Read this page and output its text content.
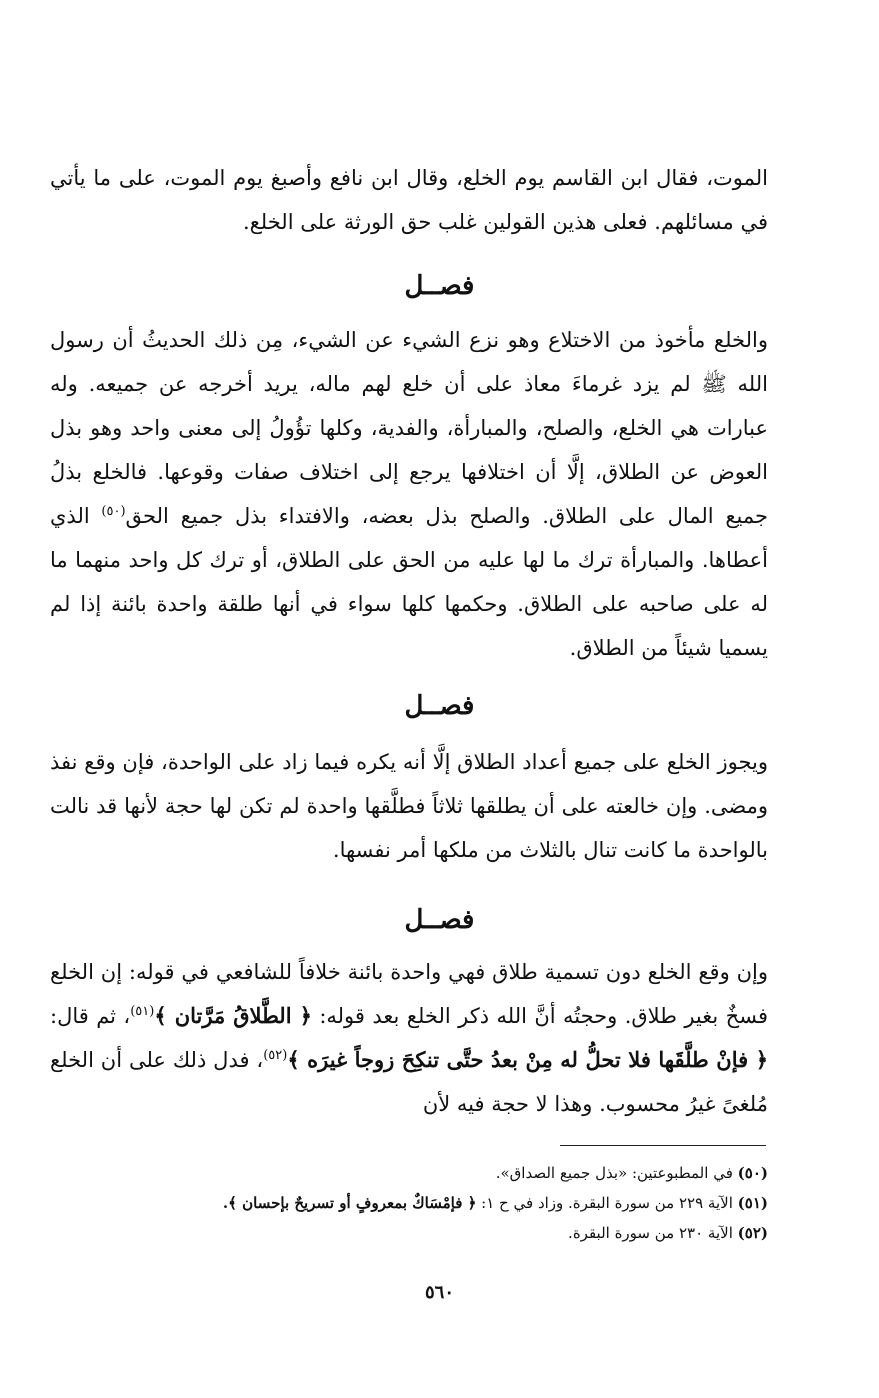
الموت، فقال ابن القاسم يوم الخلع، وقال ابن نافع وأصبغ يوم الموت، على ما يأتي في مسائلهم. فعلى هذين القولين غلب حق الورثة على الخلع.
فصــل
والخلع مأخوذ من الاختلاع وهو نزع الشيء عن الشيء، مِن ذلك الحديثُ أن رسول الله ﷺ لم يزد غرماءَ معاذ على أن خلع لهم ماله، يريد أخرجه عن جميعه. وله عبارات هي الخلع، والصلح، والمبارأة، والفدية، وكلها تؤُولُ إلى معنى واحد وهو بذل العوض عن الطلاق، إلَّا أن اختلافها يرجع إلى اختلاف صفات وقوعها. فالخلع بذلُ جميع المال على الطلاق. والصلح بذل بعضه، والافتداء بذل جميع الحق$^{(٥٠)}$ الذي أعطاها. والمبارأة ترك ما لها عليه من الحق على الطلاق، أو ترك كل واحد منهما ما له على صاحبه على الطلاق. وحكمها كلها سواء في أنها طلقة واحدة بائنة إذا لم يسميا شيئاً من الطلاق.
فصــل
ويجوز الخلع على جميع أعداد الطلاق إلَّا أنه يكره فيما زاد على الواحدة، فإن وقع نفذ ومضى. وإن خالعته على أن يطلقها ثلاثاً فطلَّقها واحدة لم تكن لها حجة لأنها قد نالت بالواحدة ما كانت تنال بالثلاث من ملكها أمر نفسها.
فصــل
وإن وقع الخلع دون تسمية طلاق فهي واحدة بائنة خلافاً للشافعي في قوله: إن الخلع فسخٌ بغير طلاق. وحجتُه أنَّ الله ذكر الخلع بعد قوله: ﴿ الطَّلاقُ مَرَّتان ﴾$^{(٥١)}$، ثم قال: ﴿ فإنْ طلَّقَها فلا تحلُّ له مِنْ بعدُ حتَّى تنكِحَ زوجاً غيرَه ﴾$^{(٥٢)}$، فدل ذلك على أن الخلع مُلغىً غيرُ محسوب. وهذا لا حجة فيه لأن
(٥٠) في المطبوعتين: «بذل جميع الصداق».
(٥١) الآية ٢٢٩ من سورة البقرة. وزاد في ح ١: ﴿ فإمْسَاكٌ بمعروفٍ أو تسريحٌ بإحسان ﴾.
(٥٢) الآية ٢٣٠ من سورة البقرة.
٥٦٠
